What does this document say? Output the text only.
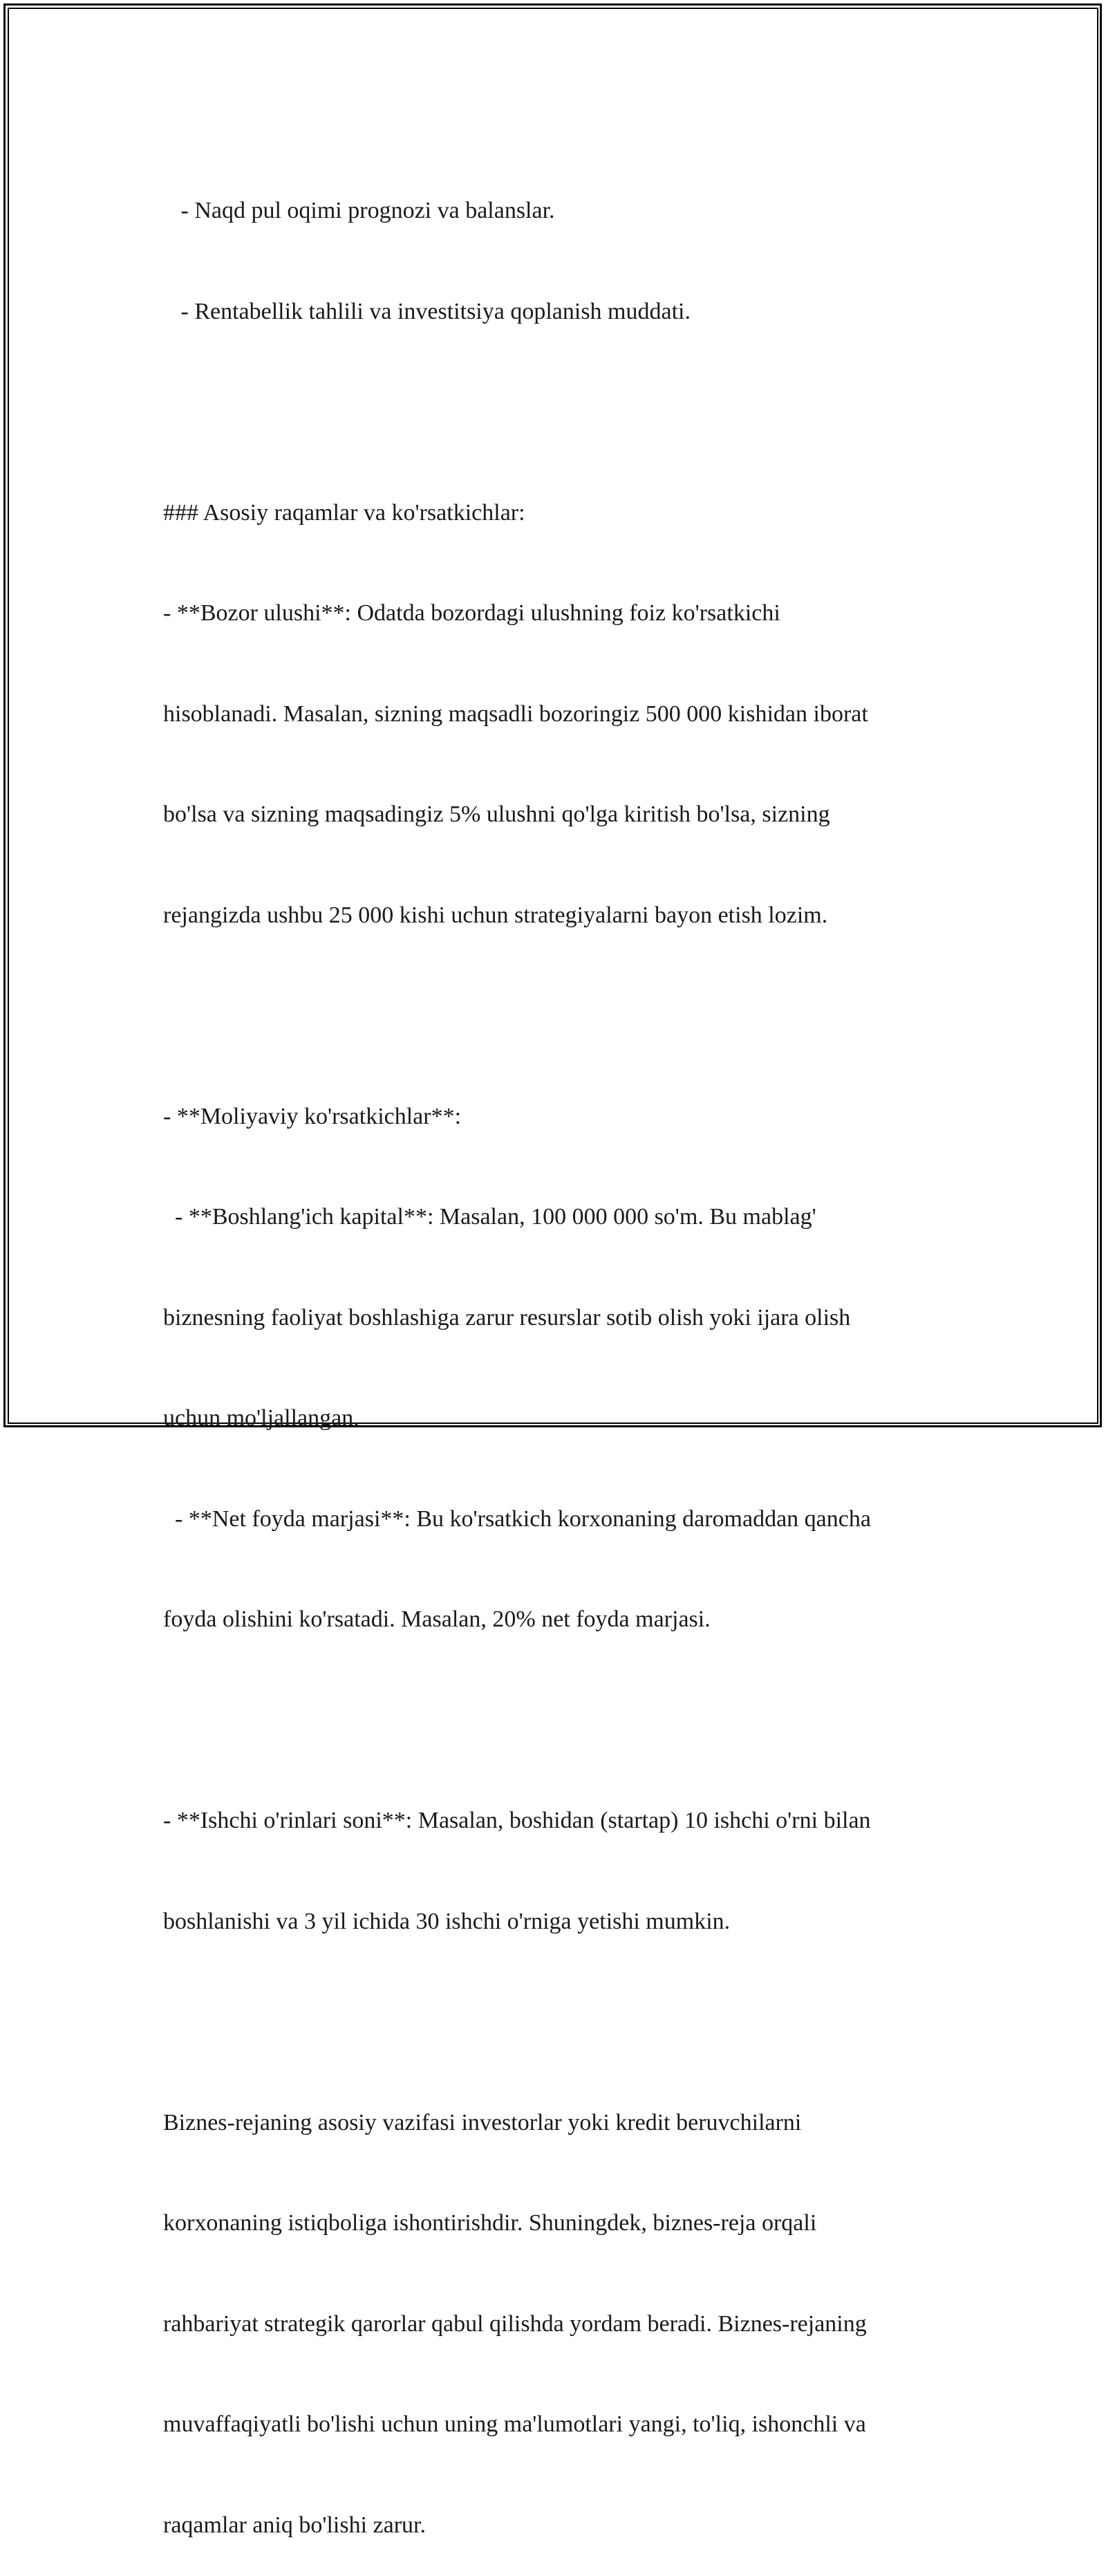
- Naqd pul oqimi prognozi va balanslar.

- Rentabellik tahlili va investitsiya qoplanish muddati.

### Asosiy raqamlar va ko'rsatkichlar:

- **Bozor ulushi**: Odatda bozordagi ulushning foiz ko'rsatkichi

hisoblanadi. Masalan, sizning maqsadli bozoringiz 500 000 kishidan iborat

bo'lsa va sizning maqsadingiz 5% ulushni qo'lga kiritish bo'lsa, sizning

rejangizda ushbu 25 000 kishi uchun strategiyalarni bayon etish lozim.

- **Moliyaviy ko'rsatkichlar**:

- **Boshlang'ich kapital**: Masalan, 100 000 000 so'm. Bu mablag'

biznesning faoliyat boshlashiga zarur resurslar sotib olish yoki ijara olish

uchun mo'ljallangan.

- **Net foyda marjasi**: Bu ko'rsatkich korxonaning daromaddan qancha

foyda olishini ko'rsatadi. Masalan, 20% net foyda marjasi.

- **Ishchi o'rinlari soni**: Masalan, boshidan (startap) 10 ishchi o'rni bilan

boshlanishi va 3 yil ichida 30 ishchi o'rniga yetishi mumkin.

Biznes-rejaning asosiy vazifasi investorlar yoki kredit beruvchilarni

korxonaning istiqboliga ishontirishdir. Shuningdek, biznes-reja orqali

rahbariyat strategik qarorlar qabul qilishda yordam beradi. Biznes-rejaning

muvaffaqiyatli bo'lishi uchun uning ma'lumotlari yangi, to'liq, ishonchli va

raqamlar aniq bo'lishi zarur.
